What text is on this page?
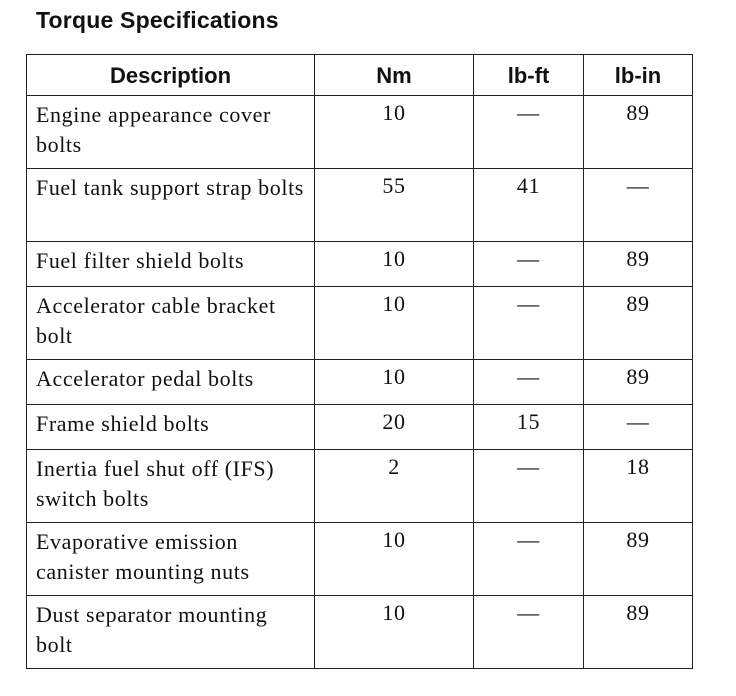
Torque Specifications
Description	Nm	lb-ft	lb-in
Engine appearance cover bolts	10	—	89
Fuel tank support strap bolts	55	41	—
Fuel filter shield bolts	10	—	89
Accelerator cable bracket bolt	10	—	89
Accelerator pedal bolts	10	—	89
Frame shield bolts	20	15	—
Inertia fuel shut off (IFS) switch bolts	2	—	18
Evaporative emission canister mounting nuts	10	—	89
Dust separator mounting bolt	10	—	89
